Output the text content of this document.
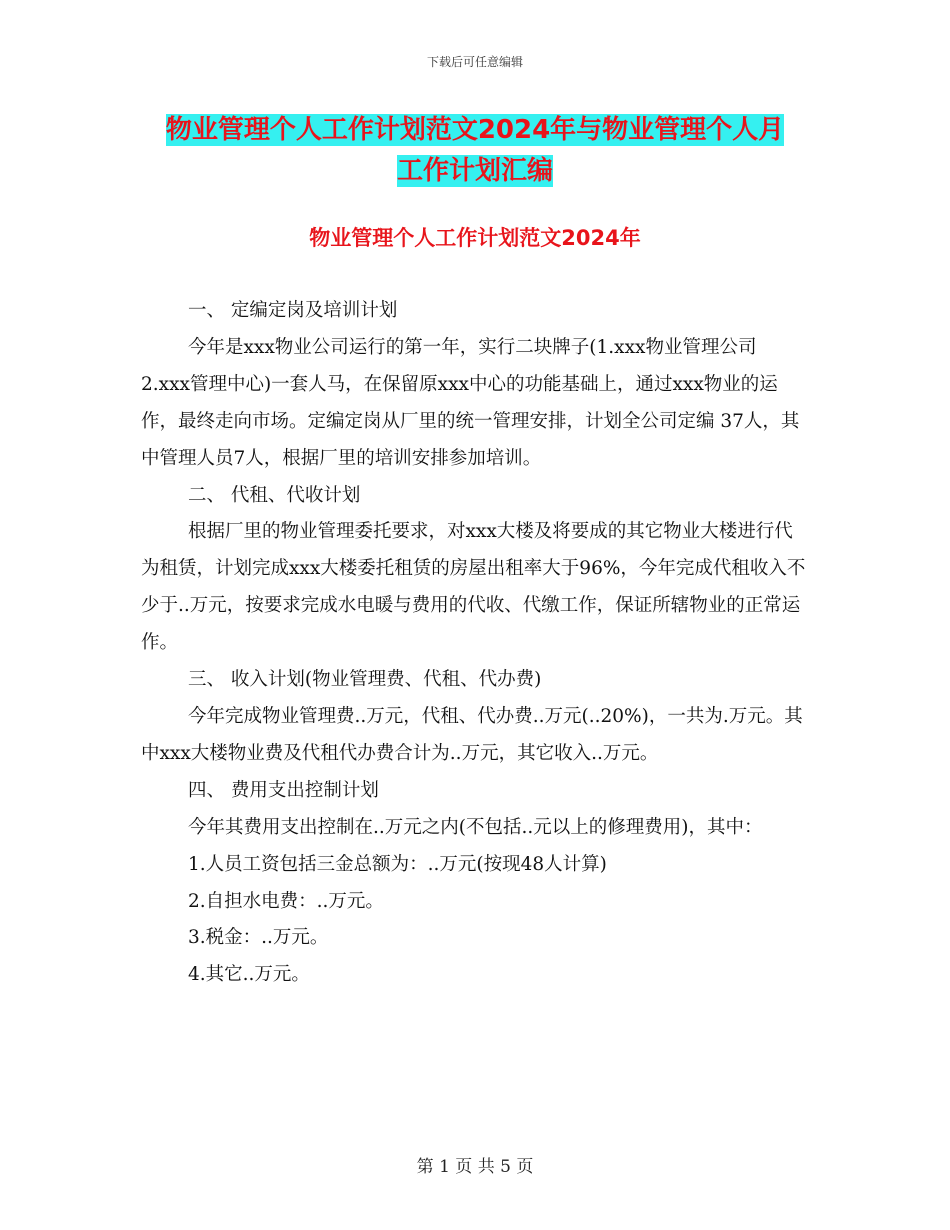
下载后可任意编辑
物业管理个人工作计划范文2024年与物业管理个人月
工作计划汇编
物业管理个人工作计划范文2024年

一、 定编定岗及培训计划

今年是xxx物业公司运行的第一年，实行二块牌子(1.xxx物业管理公司 2.xxx管理中心)一套人马，在保留原xxx中心的功能基础上，通过xxx物业的运作，最终走向市场。定编定岗从厂里的统一管理安排，计划全公司定编 37人，其中管理人员7人，根据厂里的培训安排参加培训。

二、 代租、代收计划

根据厂里的物业管理委托要求，对xxx大楼及将要成的其它物业大楼进行代为租赁，计划完成xxx大楼委托租赁的房屋出租率大于96%，今年完成代租收入不少于..万元，按要求完成水电暖与费用的代收、代缴工作，保证所辖物业的正常运作。

三、 收入计划(物业管理费、代租、代办费)

今年完成物业管理费..万元，代租、代办费..万元(..20%)，一共为.万元。其中xxx大楼物业费及代租代办费合计为..万元，其它收入..万元。

四、 费用支出控制计划

今年其费用支出控制在..万元之内(不包括..元以上的修理费用)，其中：

1.人员工资包括三金总额为：..万元(按现48人计算)

2.自担水电费：..万元。

3.税金：..万元。

4.其它..万元。

第 1 页 共 5 页
